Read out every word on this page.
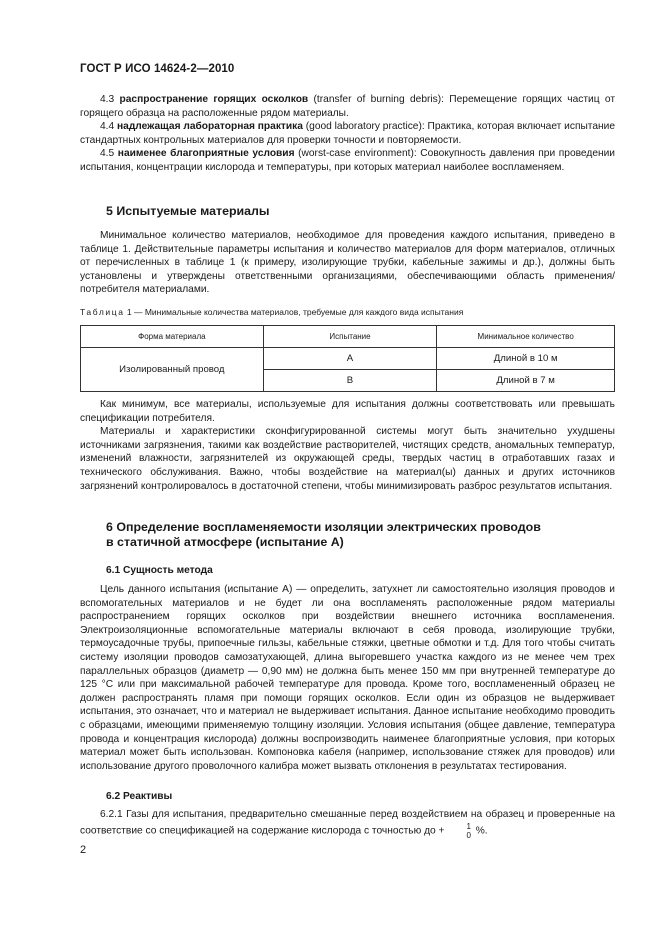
ГОСТ Р ИСО 14624-2—2010

4.3 распространение горящих осколков (transfer of burning debris): Перемещение горящих частиц от горящего образца на расположенные рядом материалы.

4.4 надлежащая лабораторная практика (good laboratory practice): Практика, которая включает испытание стандартных контрольных материалов для проверки точности и повторяемости.

4.5 наименее благоприятные условия (worst-case environment): Совокупность давления при проведении испытания, концентрации кислорода и температуры, при которых материал наиболее воспламеняем.

5 Испытуемые материалы

Минимальное количество материалов, необходимое для проведения каждого испытания, приведено в таблице 1. Действительные параметры испытания и количество материалов для форм материалов, отличных от перечисленных в таблице 1 (к примеру, изолирующие трубки, кабельные зажимы и др.), должны быть установлены и утверждены ответственными организациями, обеспечивающими область применения/потребителя материалами.

Таблица 1 — Минимальные количества материалов, требуемые для каждого вида испытания
Форма материала	Испытание	Минимальное количество
Изолированный провод	А	Длиной в 10 м
	В	Длиной в 7 м

Как минимум, все материалы, используемые для испытания должны соответствовать или превышать спецификации потребителя.

Материалы и характеристики сконфигурированной системы могут быть значительно ухудшены источниками загрязнения, такими как воздействие растворителей, чистящих средств, аномальных температур, изменений влажности, загрязнителей из окружающей среды, твердых частиц в отработавших газах и технического обслуживания. Важно, чтобы воздействие на материал(ы) данных и других источников загрязнений контролировалось в достаточной степени, чтобы минимизировать разброс результатов испытания.

6 Определение воспламеняемости изоляции электрических проводов
в статичной атмосфере (испытание А)
6.1 Сущность метода

Цель данного испытания (испытание А) — определить, затухнет ли самостоятельно изоляция проводов и вспомогательных материалов и не будет ли она воспламенять расположенные рядом материалы распространением горящих осколков при воздействии внешнего источника воспламенения. Электроизоляционные вспомогательные материалы включают в себя провода, изолирующие трубки, термоусадочные трубы, припоечные гильзы, кабельные стяжки, цветные обмотки и т.д. Для того чтобы считать систему изоляции проводов самозатухающей, длина выгоревшего участка каждого из не менее чем трех параллельных образцов (диаметр — 0,90 мм) не должна быть менее 150 мм при внутренней температуре до 125 °С или при максимальной рабочей температуре для провода. Кроме того, воспламененный образец не должен распространять пламя при помощи горящих осколков. Если один из образцов не выдерживает испытания, это означает, что и материал не выдерживает испытания. Данное испытание необходимо проводить с образцами, имеющими применяемую толщину изоляции. Условия испытания (общее давление, температура провода и концентрация кислорода) должны воспроизводить наименее благоприятные условия, при которых материал может быть использован. Компоновка кабеля (например, использование стяжек для проводов) или использование другого проволочного калибра может вызвать отклонения в результатах тестирования.

6.2 Реактивы

6.2.1 Газы для испытания, предварительно смешанные перед воздействием на образец и проверенные на соответствие со спецификацией на содержание кислорода с точностью до +	1
0 %.

2
